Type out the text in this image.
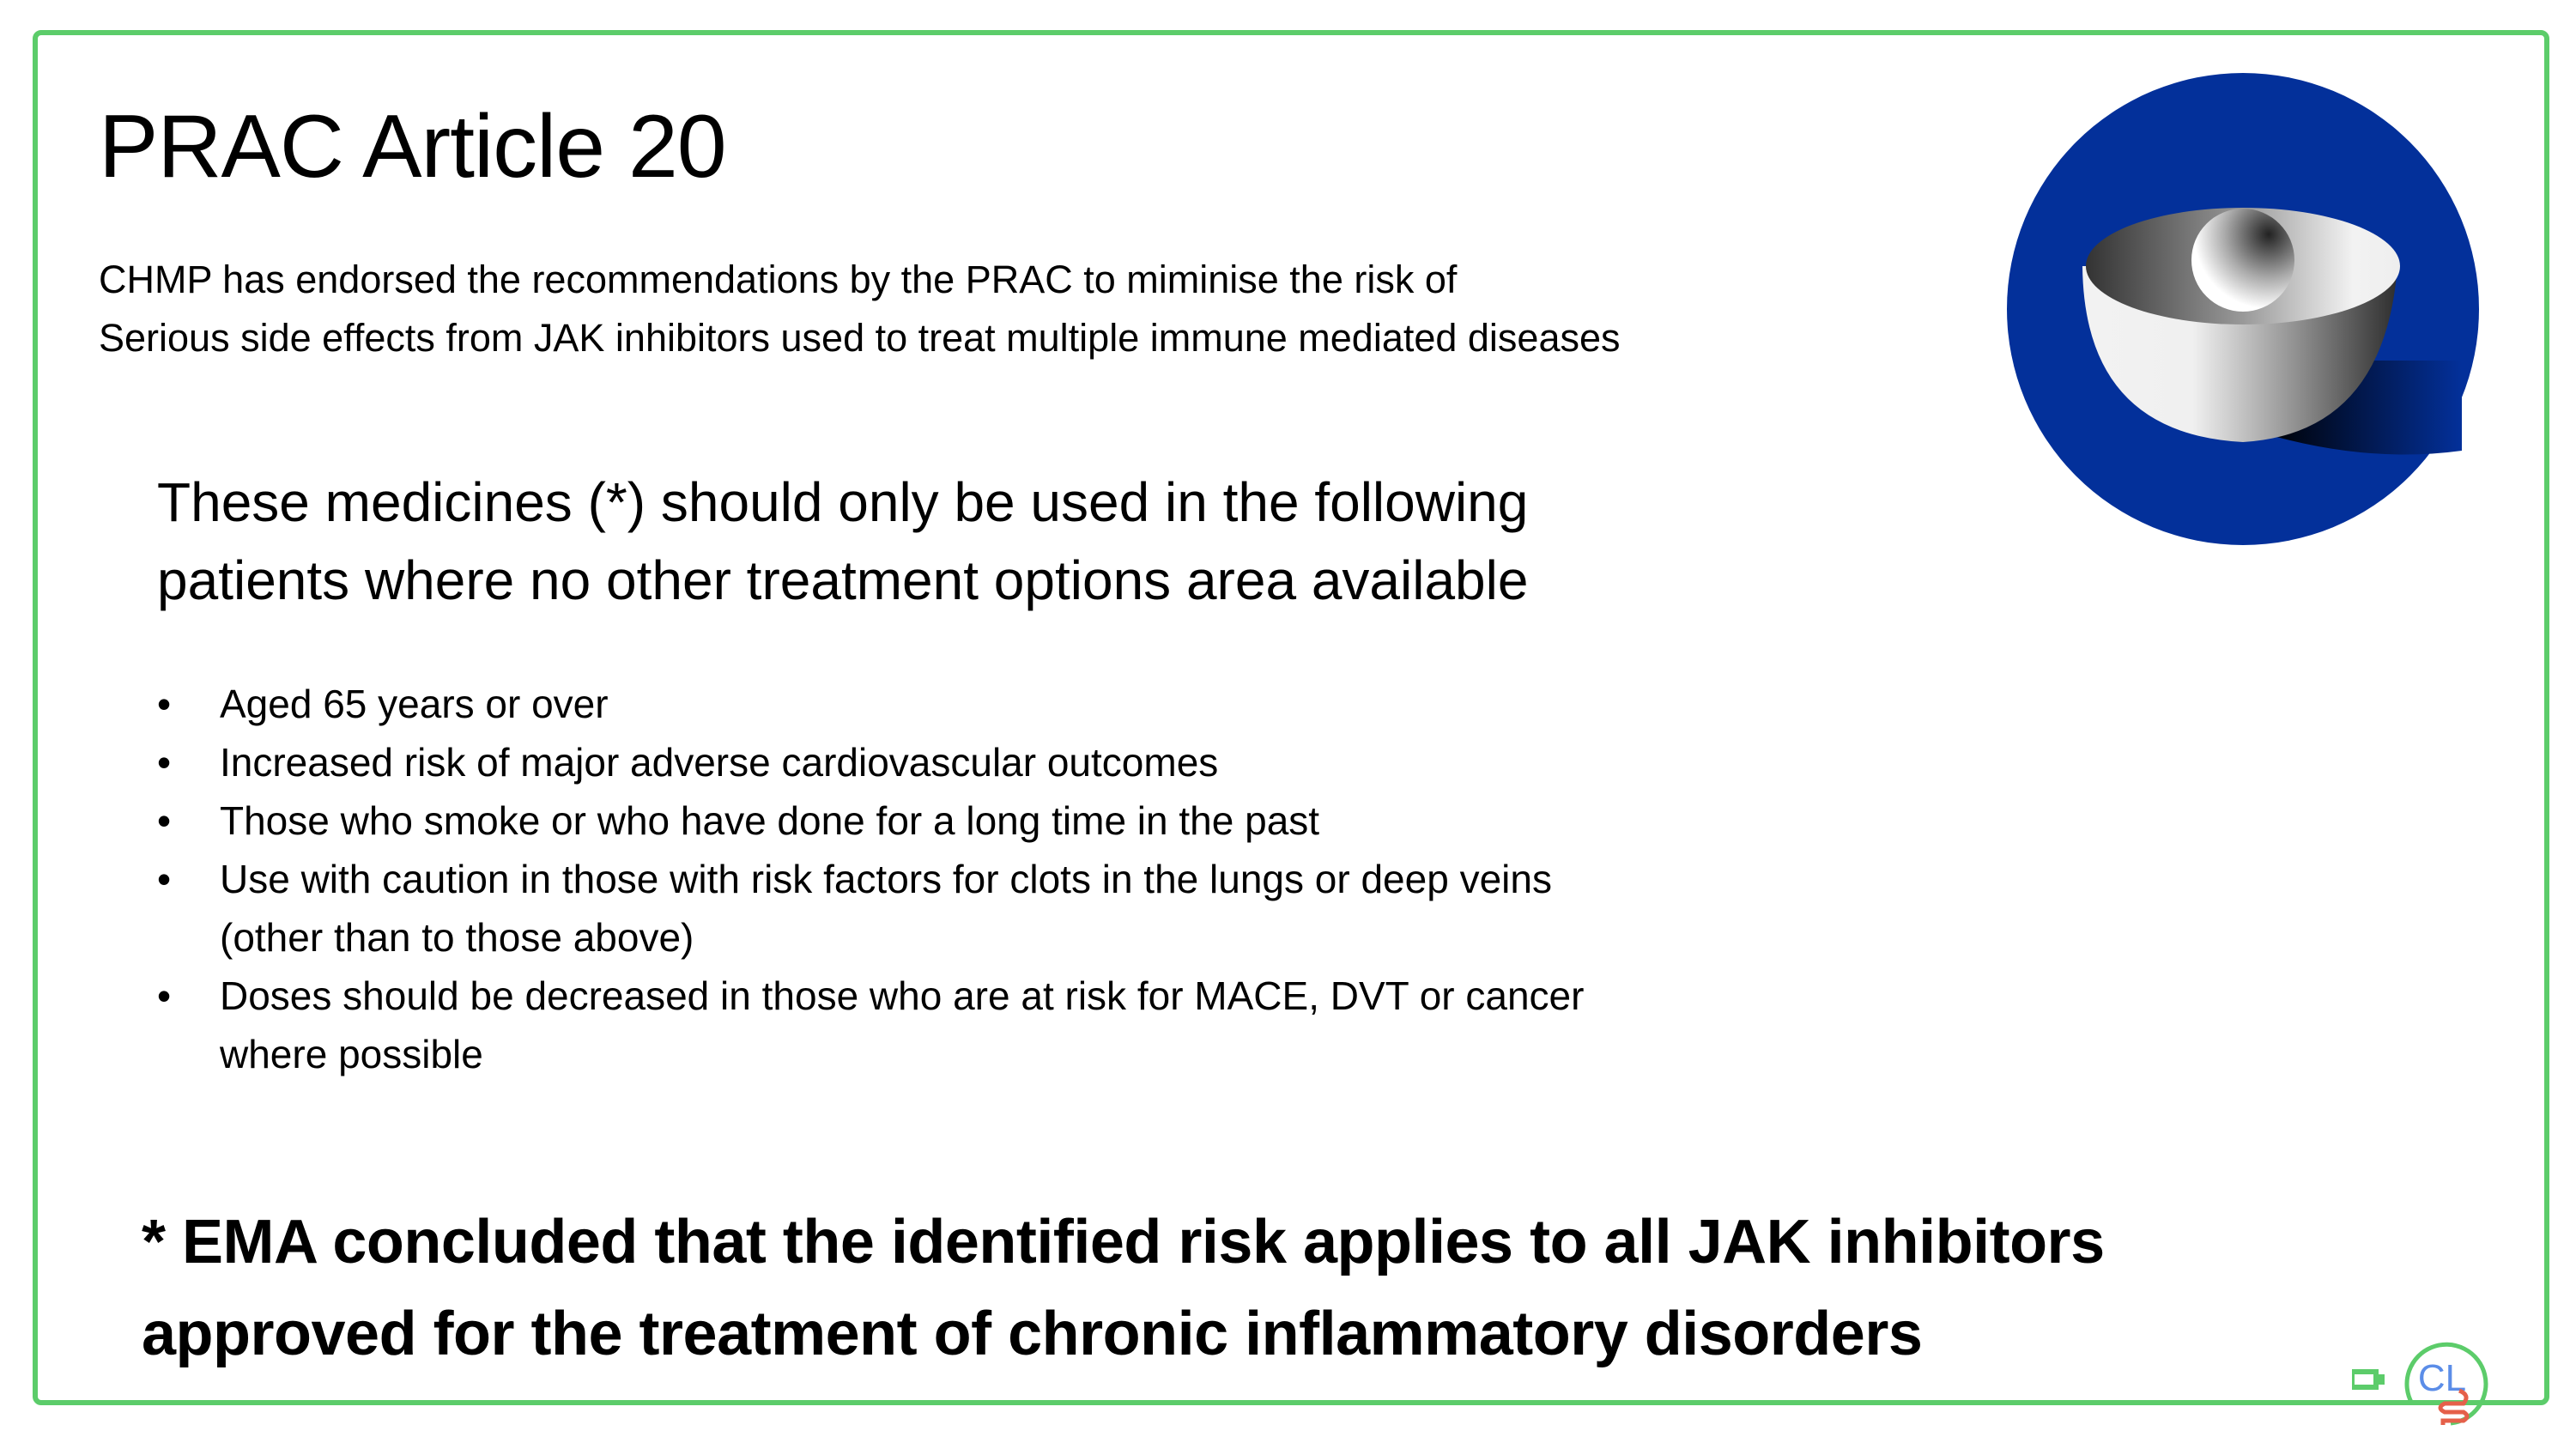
PRAC Article 20
CHMP has endorsed the recommendations by the PRAC to miminise the risk of
Serious side effects from JAK inhibitors used to treat multiple immune mediated diseases
These medicines (*) should only be used in the following
patients where no other treatment options area available
• Aged 65 years or over
• Increased risk of major adverse cardiovascular outcomes
• Those who smoke or who have done for a long time in the past
• Use with caution in those with risk factors for clots in the lungs or deep veins
(other than to those above)
• Doses should be decreased in those who are at risk for MACE, DVT or cancer
where possible
* EMA concluded that the identified risk applies to all JAK inhibitors
approved for the treatment of chronic inflammatory disorders
CL
